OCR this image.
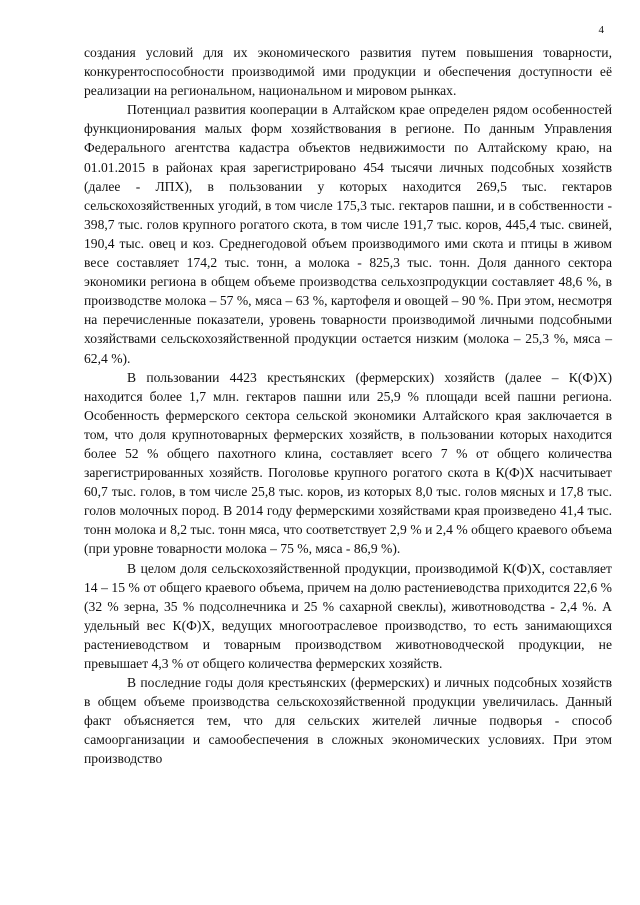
4

создания условий для их экономического развития путем повышения товарности, конкурентоспособности производимой ими продукции и обеспечения доступности её реализации на региональном, национальном и мировом рынках.

Потенциал развития кооперации в Алтайском крае определен рядом особенностей функционирования малых форм хозяйствования в регионе. По данным Управления Федерального агентства кадастра объектов недвижимости по Алтайскому краю, на 01.01.2015 в районах края зарегистрировано 454 тысячи личных подсобных хозяйств (далее - ЛПХ), в пользовании у которых находится 269,5 тыс. гектаров сельскохозяйственных угодий, в том числе 175,3 тыс. гектаров пашни, и в собственности - 398,7 тыс. голов крупного рогатого скота, в том числе 191,7 тыс. коров, 445,4 тыс. свиней, 190,4 тыс. овец и коз. Среднегодовой объем производимого ими скота и птицы в живом весе составляет 174,2 тыс. тонн, а молока - 825,3 тыс. тонн. Доля данного сектора экономики региона в общем объеме производства сельхозпродукции составляет 48,6 %, в производстве молока – 57 %, мяса – 63 %, картофеля и овощей – 90 %. При этом, несмотря на перечисленные показатели, уровень товарности производимой личными подсобными хозяйствами сельскохозяйственной продукции остается низким (молока – 25,3 %, мяса – 62,4 %).

В пользовании 4423 крестьянских (фермерских) хозяйств (далее – К(Ф)Х) находится более 1,7 млн. гектаров пашни или 25,9 % площади всей пашни региона. Особенность фермерского сектора сельской экономики Алтайского края заключается в том, что доля крупнотоварных фермерских хозяйств, в пользовании которых находится более 52 % общего пахотного клина, составляет всего 7 % от общего количества зарегистрированных хозяйств. Поголовье крупного рогатого скота в К(Ф)Х насчитывает 60,7 тыс. голов, в том числе 25,8 тыс. коров, из которых 8,0 тыс. голов мясных и 17,8 тыс. голов молочных пород. В 2014 году фермерскими хозяйствами края произведено 41,4 тыс. тонн молока и 8,2 тыс. тонн мяса, что соответствует 2,9 % и 2,4 % общего краевого объема (при уровне товарности молока – 75 %, мяса - 86,9 %).

В целом доля сельскохозяйственной продукции, производимой К(Ф)Х, составляет 14 – 15 % от общего краевого объема, причем на долю растениеводства приходится 22,6 % (32 % зерна, 35 % подсолнечника и 25 % сахарной свеклы), животноводства - 2,4 %. А удельный вес К(Ф)Х, ведущих многоотраслевое производство, то есть занимающихся растениеводством и товарным производством животноводческой продукции, не превышает 4,3 % от общего количества фермерских хозяйств.

В последние годы доля крестьянских (фермерских) и личных подсобных хозяйств в общем объеме производства сельскохозяйственной продукции увеличилась. Данный факт объясняется тем, что для сельских жителей личные подворья - способ самоорганизации и самообеспечения в сложных экономических условиях. При этом производство
